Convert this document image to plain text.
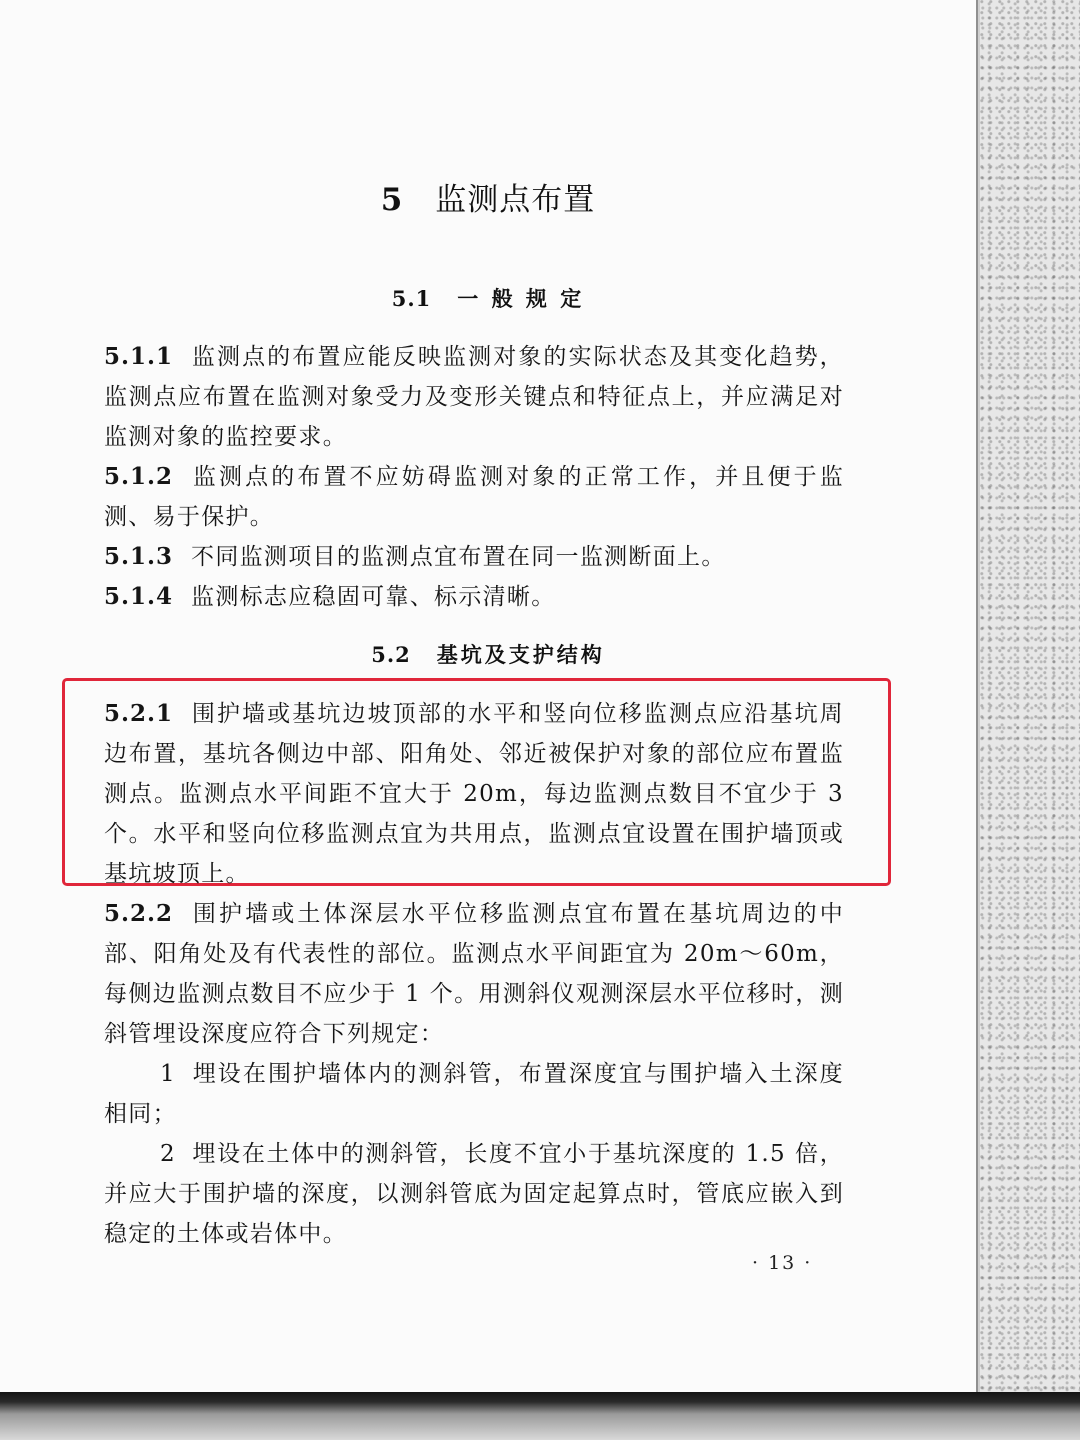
5 监测点布置
5.1 一 般 规 定

5.1.1 监测点的布置应能反映监测对象的实际状态及其变化趋势，监测点应布置在监测对象受力及变形关键点和特征点上，并应满足对监测对象的监控要求。

5.1.2 监测点的布置不应妨碍监测对象的正常工作，并且便于监测、易于保护。

5.1.3 不同监测项目的监测点宜布置在同一监测断面上。

5.1.4 监测标志应稳固可靠、标示清晰。

5.2 基坑及支护结构

5.2.1 围护墙或基坑边坡顶部的水平和竖向位移监测点应沿基坑周边布置，基坑各侧边中部、阳角处、邻近被保护对象的部位应布置监测点。监测点水平间距不宜大于 20m，每边监测点数目不宜少于 3 个。水平和竖向位移监测点宜为共用点，监测点宜设置在围护墙顶或基坑坡顶上。

5.2.2 围护墙或土体深层水平位移监测点宜布置在基坑周边的中部、阳角处及有代表性的部位。监测点水平间距宜为 20m～60m，每侧边监测点数目不应少于 1 个。用测斜仪观测深层水平位移时，测斜管埋设深度应符合下列规定：

1 埋设在围护墙体内的测斜管，布置深度宜与围护墙入土深度相同；

2 埋设在土体中的测斜管，长度不宜小于基坑深度的 1.5 倍，并应大于围护墙的深度，以测斜管底为固定起算点时，管底应嵌入到稳定的土体或岩体中。

· 13 ·
